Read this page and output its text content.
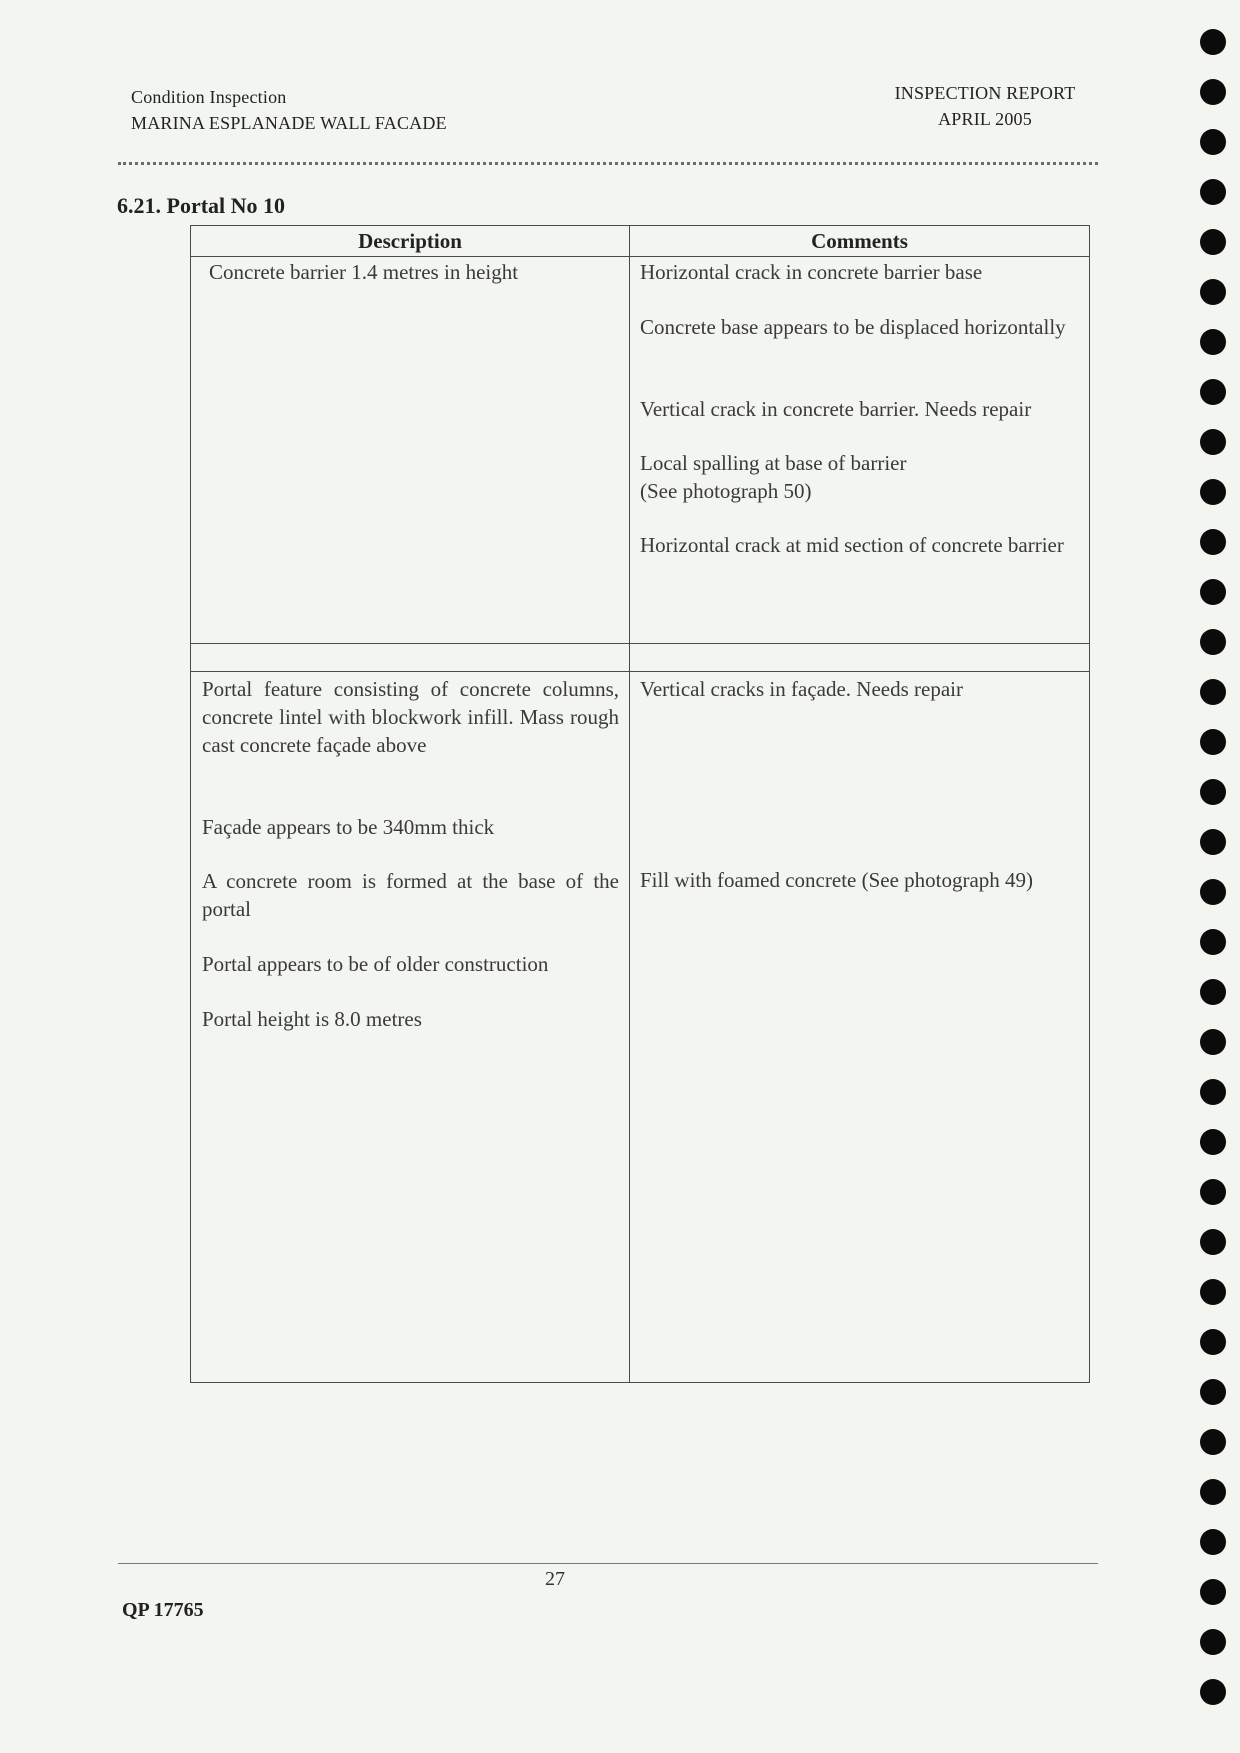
Condition Inspection
MARINA ESPLANADE WALL FACADE
INSPECTION REPORT
APRIL 2005
6.21. Portal No 10
Description	Comments
Concrete barrier 1.4 metres in height	Horizontal crack in concrete barrier base
Concrete base appears to be displaced horizontally
Vertical crack in concrete barrier. Needs repair
Local spalling at base of barrier
(See photograph 50)
Horizontal crack at mid section of concrete barrier
Portal feature consisting of concrete columns, concrete lintel with blockwork infill. Mass rough cast concrete façade above
Façade appears to be 340mm thick
A concrete room is formed at the base of the portal
Portal appears to be of older construction
Portal height is 8.0 metres
Vertical cracks in façade. Needs repair
Fill with foamed concrete (See photograph 49)
27
QP 17765
